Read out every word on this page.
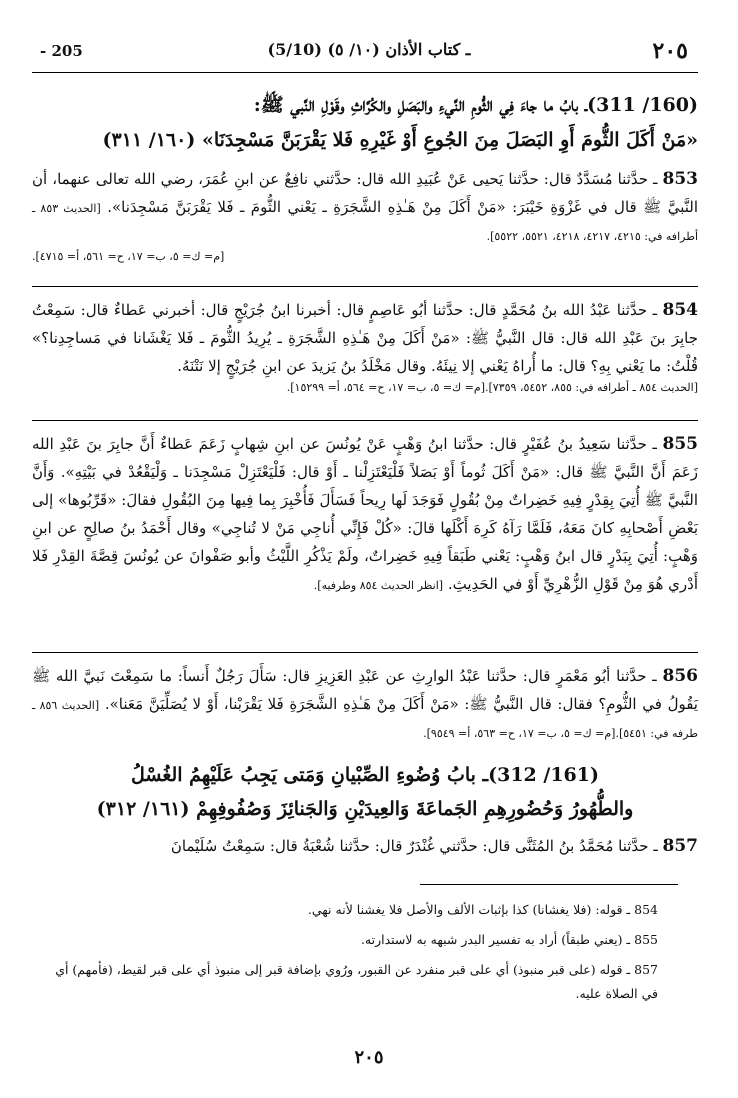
٢٠٥
(5/10) ـ كتاب الأذان (١٠/ ٥)
- 205
(160/ 311)ـ بابُ ما جاءَ فِي الثُّومِ النَّيءِ والبَصَلِ والكُرَّاثِ وقَوْلِ النَّبي ﷺ:
«مَنْ أَكَلَ الثُّومَ أَوِ البَصَلَ مِنَ الجُوعِ أَوْ غَيْرِهِ فَلا يَقْرَبَنَّ مَسْجِدَنَا» (١٦٠/ ٣١١)
853 ـ حدَّثنا مُسَدَّدٌ قال: حدَّثنا يَحيى عَنْ عُبَيدِ الله قال: حدَّثني نافِعٌ عن ابنِ عُمَرَ، رضي الله تعالى عنهما، أن النَّبيَّ ﷺ قال في غَزْوَةِ خَيْبَرَ: «مَنْ أَكَلَ مِنْ هَـٰذِهِ الشَّجَرَةِ ـ يَعْني الثُّومَ ـ فَلا يَقْرَبَنَّ مَسْجِدَنا». [الحديث ٨٥٣ ـ أطرافه في: ٤٢١٥، ٤٢١٧، ٤٢١٨، ٥٥٢١، ٥٥٢٢].
[م= ك= ٥، ب= ١٧، ح= ٥٦١، أ= ٤٧١٥].
854 ـ حدَّثنا عَبْدُ الله بنُ مُحَمَّدٍ قال: حدَّثنا أبُو عَاصِمٍ قال: أخبرنا ابنُ جُرَيْجٍ قال: أخبرني عَطاءٌ قال: سَمِعْتُ جابِرَ بنَ عَبْدِ الله قال: قال النَّبيُّ ﷺ: «مَنْ أَكَلَ مِنْ هَـٰذِهِ الشَّجَرَةِ ـ يُرِيدُ الثُّومَ ـ فَلا يَغْشَانا في مَساجِدِنا؟» قُلْتُ: ما يَعْني بِهِ؟ قال: ما أُراهُ يَعْني إلا نِيئَهُ. وقال مَخْلَدُ بنُ يَزيدَ عن ابنِ جُرَيْجٍ إلا نَتْنَهُ.
[الحديث ٨٥٤ ـ أطرافه في: ٨٥٥، ٥٤٥٢، ٧٣٥٩].[م= ك= ٥، ب= ١٧، ح= ٥٦٤، أ= ١٥٢٩٩].
855 ـ حدَّثنا سَعِيدُ بنُ عُفَيْرٍ قال: حدَّثنا ابنُ وَهْبٍ عَنْ يُونُسَ عن ابنِ شِهابٍ زَعَمَ عَطاءٌ أَنَّ جابِرَ بنَ عَبْدِ الله زَعَمَ أَنَّ النَّبيَّ ﷺ قال: «مَنْ أَكَلَ ثُوماً أَوْ بَصَلاً فَلْيَعْتَزِلْنا ـ أَوْ قال: فَلْيَعْتَزِلْ مَسْجِدَنا ـ وَلْيَقْعُدْ في بَيْتِهِ». وَأَنَّ النَّبيَّ ﷺ أُتِيَ بِقِدْرٍ فِيهِ خَضِراتٌ مِنْ بُقُولٍ فَوَجَدَ لَها رِيحاً فَسَأَلَ فَأُخْبِرَ بِما فِيها مِنَ البُقُولِ فقالَ: «قَرِّبُوها» إلى بَعْضِ أَصْحابِهِ كانَ مَعَهُ، فَلَمَّا رَآهُ كَرِهَ أَكْلَها قالَ: «كُلْ فَإِنِّي أُناجِي مَنْ لا تُناجِي» وقال أَحْمَدُ بنُ صالِحٍ عن ابنِ وَهْبٍ: أُتِيَ بِبَدْرٍ قال ابنُ وَهْبٍ: يَعْني طَبَقاً فِيهِ خَضِراتٌ، ولَمْ يَذْكُرِ اللَّيْثُ وأبو صَفْوانَ عن يُونُسَ قِصَّةَ القِدْرِ فَلا أَدْري هُوَ مِنْ قَوْلِ الزُّهْرِيِّ أَوْ في الحَدِيثِ. [انظر الحديث ٨٥٤ وطرفيه].
856 ـ حدَّثنا أبُو مَعْمَرٍ قال: حدَّثنا عَبْدُ الوارِثِ عن عَبْدِ العَزِيزِ قال: سَأَلَ رَجُلٌ أَنساً: ما سَمِعْتَ نَبيَّ الله ﷺ يَقُولُ في الثُّومِ؟ فقال: قال النَّبيُّ ﷺ: «مَنْ أَكَلَ مِنْ هَـٰذِهِ الشَّجَرَةِ فَلا يَقْرَبْنا، أَوْ لا يُصَلِّيَنَّ مَعَنا». [الحديث ٨٥٦ ـ طرفه في: ٥٤٥١].[م= ك= ٥، ب= ١٧، ح= ٥٦٣، أ= ٩٥٤٩].
(161/ 312)ـ بابُ وُضُوءِ الصِّبْيانِ وَمَتى يَجِبُ عَلَيْهِمُ الغُسْلُ
والطُّهُورُ وَحُضُورِهِمِ الجَماعَةَ وَالعِيدَيْنِ وَالجَنائِزَ وَصُفُوفِهِمْ (١٦١/ ٣١٢)
857 ـ حدَّثنا مُحَمَّدُ بنُ المُثَنَّى قال: حدَّثني غُنْدَرٌ قال: حدَّثنا شُعْبَةُ قال: سَمِعْتُ سُلَيْمانَ
854 ـ قوله: (فلا يغشانا) كذا بإثبات الألف والأصل فلا يغشنا لأنه نهي.
855 ـ (يعني طبقاً) أراد به تفسير البدر شبهه به لاستدارته.
857 ـ قوله (على قبر منبوذ) أي على قبر منفرد عن القبور، ورُوي بإضافة قبر إلى منبوذ أي على قبر لقيط، (فأمهم) أي في الصلاة عليه.
٢٠٥
